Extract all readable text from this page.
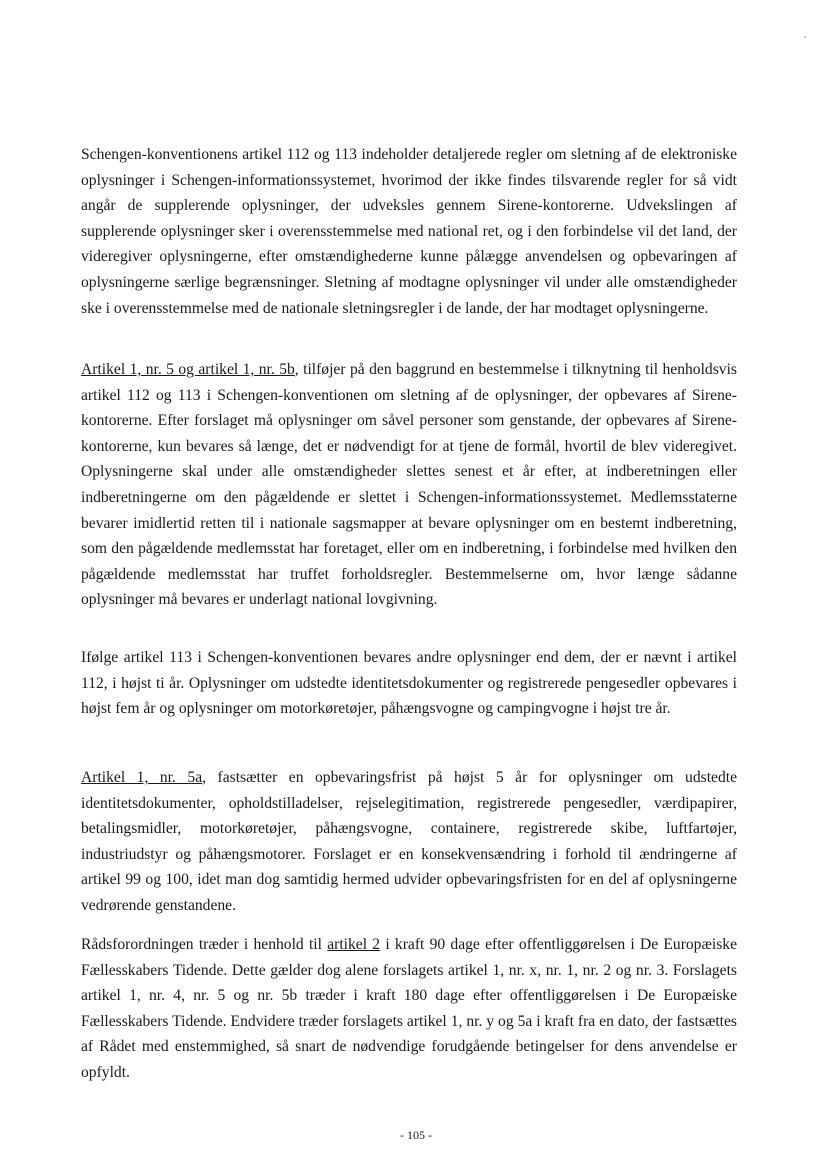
Schengen-konventionens artikel 112 og 113 indeholder detaljerede regler om sletning af de elektroniske oplysninger i Schengen-informationssystemet, hvorimod der ikke findes tilsvarende regler for så vidt angår de supplerende oplysninger, der udveksles gennem Sirene-kontorerne. Udvekslingen af supplerende oplysninger sker i overensstemmelse med national ret, og i den forbindelse vil det land, der videregiver oplysningerne, efter omstændighederne kunne pålægge anvendelsen og opbevaringen af oplysningerne særlige begrænsninger. Sletning af modtagne oplysninger vil under alle omstændigheder ske i overensstemmelse med de nationale sletningsregler i de lande, der har modtaget oplysningerne.

Artikel 1, nr. 5 og artikel 1, nr. 5b, tilføjer på den baggrund en bestemmelse i tilknytning til henholdsvis artikel 112 og 113 i Schengen-konventionen om sletning af de oplysninger, der opbevares af Sirene-kontorerne. Efter forslaget må oplysninger om såvel personer som genstande, der opbevares af Sirene-kontorerne, kun bevares så længe, det er nødvendigt for at tjene de formål, hvortil de blev videregivet. Oplysningerne skal under alle omstændigheder slettes senest et år efter, at indberetningen eller indberetningerne om den pågældende er slettet i Schengen-informationssystemet. Medlemsstaterne bevarer imidlertid retten til i nationale sagsmapper at bevare oplysninger om en bestemt indberetning, som den pågældende medlemsstat har foretaget, eller om en indberetning, i forbindelse med hvilken den pågældende medlemsstat har truffet forholdsregler. Bestemmelserne om, hvor længe sådanne oplysninger må bevares er underlagt national lovgivning.

Ifølge artikel 113 i Schengen-konventionen bevares andre oplysninger end dem, der er nævnt i artikel 112, i højst ti år. Oplysninger om udstedte identitetsdokumenter og registrerede pengesedler opbevares i højst fem år og oplysninger om motorkøretøjer, påhængsvogne og campingvogne i højst tre år.

Artikel 1, nr. 5a, fastsætter en opbevaringsfrist på højst 5 år for oplysninger om udstedte identitetsdokumenter, opholdstilladelser, rejselegitimation, registrerede pengesedler, værdipapirer, betalingsmidler, motorkøretøjer, påhængsvogne, containere, registrerede skibe, luftfartøjer, industriudstyr og påhængsmotorer. Forslaget er en konsekvensændring i forhold til ændringerne af artikel 99 og 100, idet man dog samtidig hermed udvider opbevaringsfristen for en del af oplysningerne vedrørende genstandene.

Rådsforordningen træder i henhold til artikel 2 i kraft 90 dage efter offentliggørelsen i De Europæiske Fællesskabers Tidende. Dette gælder dog alene forslagets artikel 1, nr. x, nr. 1, nr. 2 og nr. 3. Forslagets artikel 1, nr. 4, nr. 5 og nr. 5b træder i kraft 180 dage efter offentliggørelsen i De Europæiske Fællesskabers Tidende. Endvidere træder forslagets artikel 1, nr. y og 5a i kraft fra en dato, der fastsættes af Rådet med enstemmighed, så snart de nødvendige forudgående betingelser for dens anvendelse er opfyldt.

- 105 -
